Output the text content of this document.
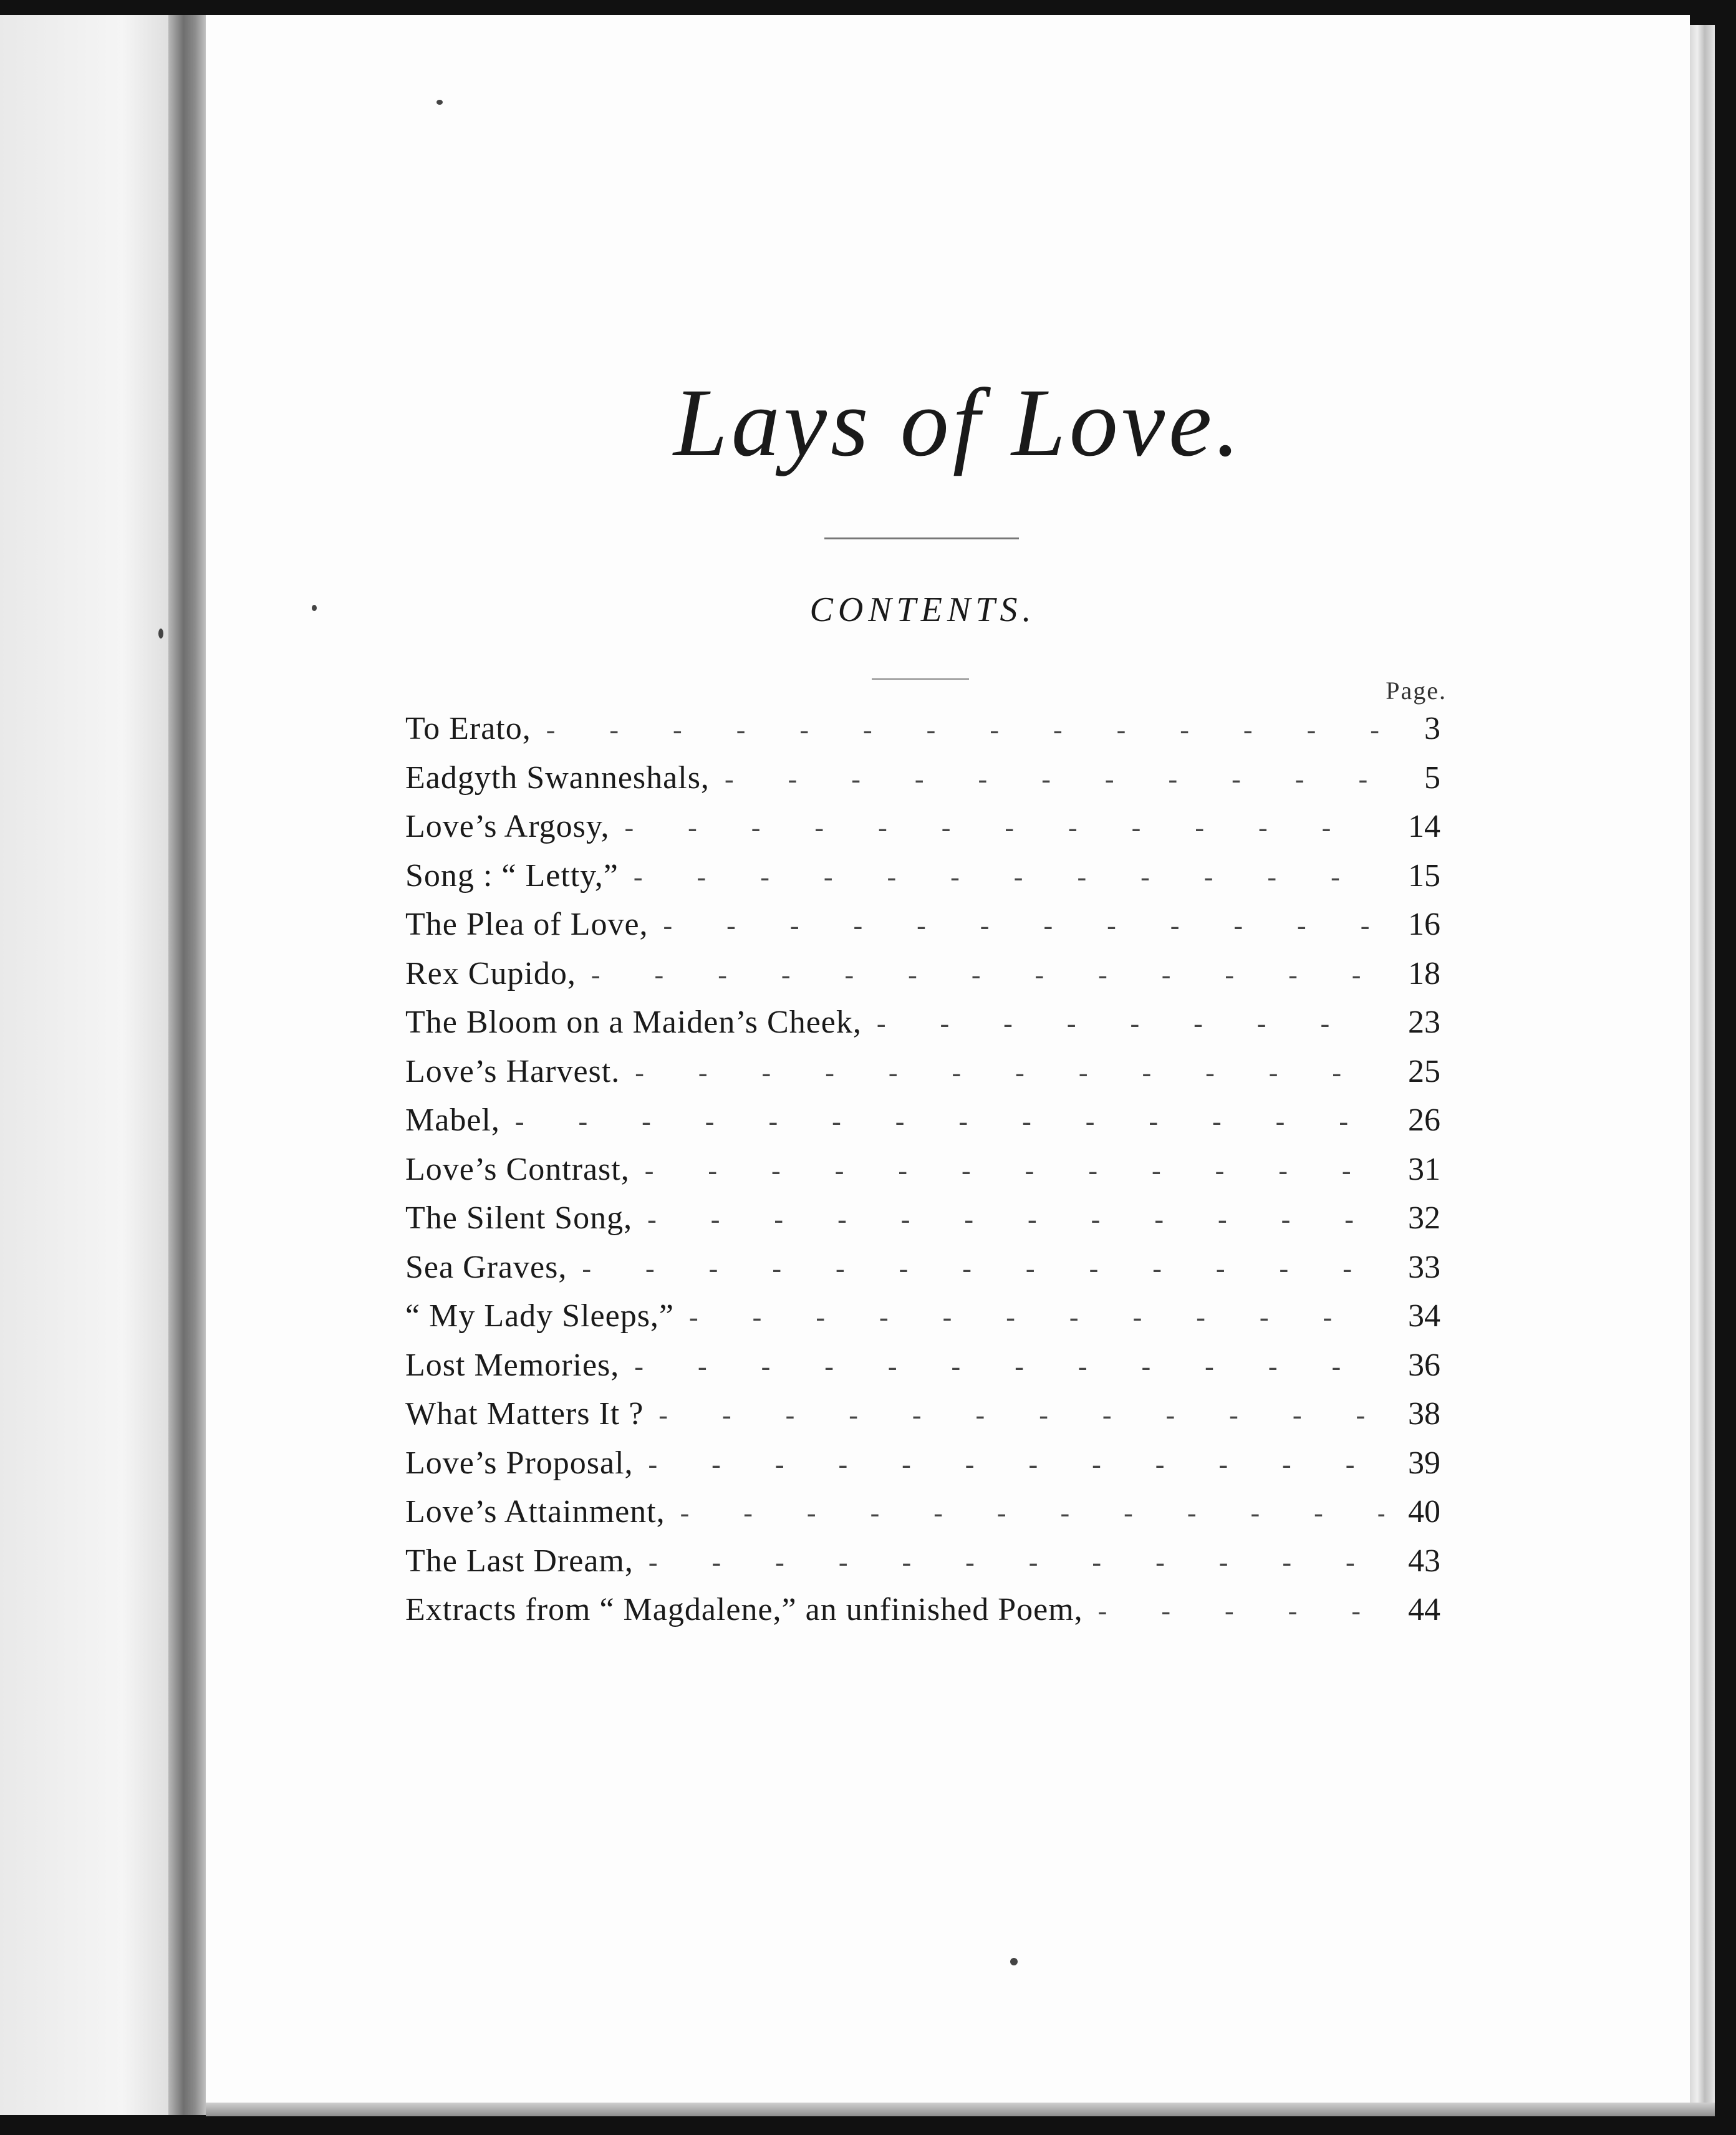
Lays of Love.
CONTENTS.
Page.
To Erato, - - -	3
Eadgyth Swanneshals, - - -	5
Love’s Argosy, - - -	14
Song : “ Letty,” - - -	15
The Plea of Love, - - -	16
Rex Cupido, - - -	18
The Bloom on a Maiden’s Cheek, - - -	23
Love’s Harvest. - - -	25
Mabel, - - -	26
Love’s Contrast, - - -	31
The Silent Song, - - -	32
Sea Graves, - - -	33
“ My Lady Sleeps,” - - -	34
Lost Memories, - - -	36
What Matters It ? - - -	38
Love’s Proposal, - - -	39
Love’s Attainment, - - -	40
The Last Dream, - - -	43
Extracts from “ Magdalene,” an unfinished Poem, - - -	44
